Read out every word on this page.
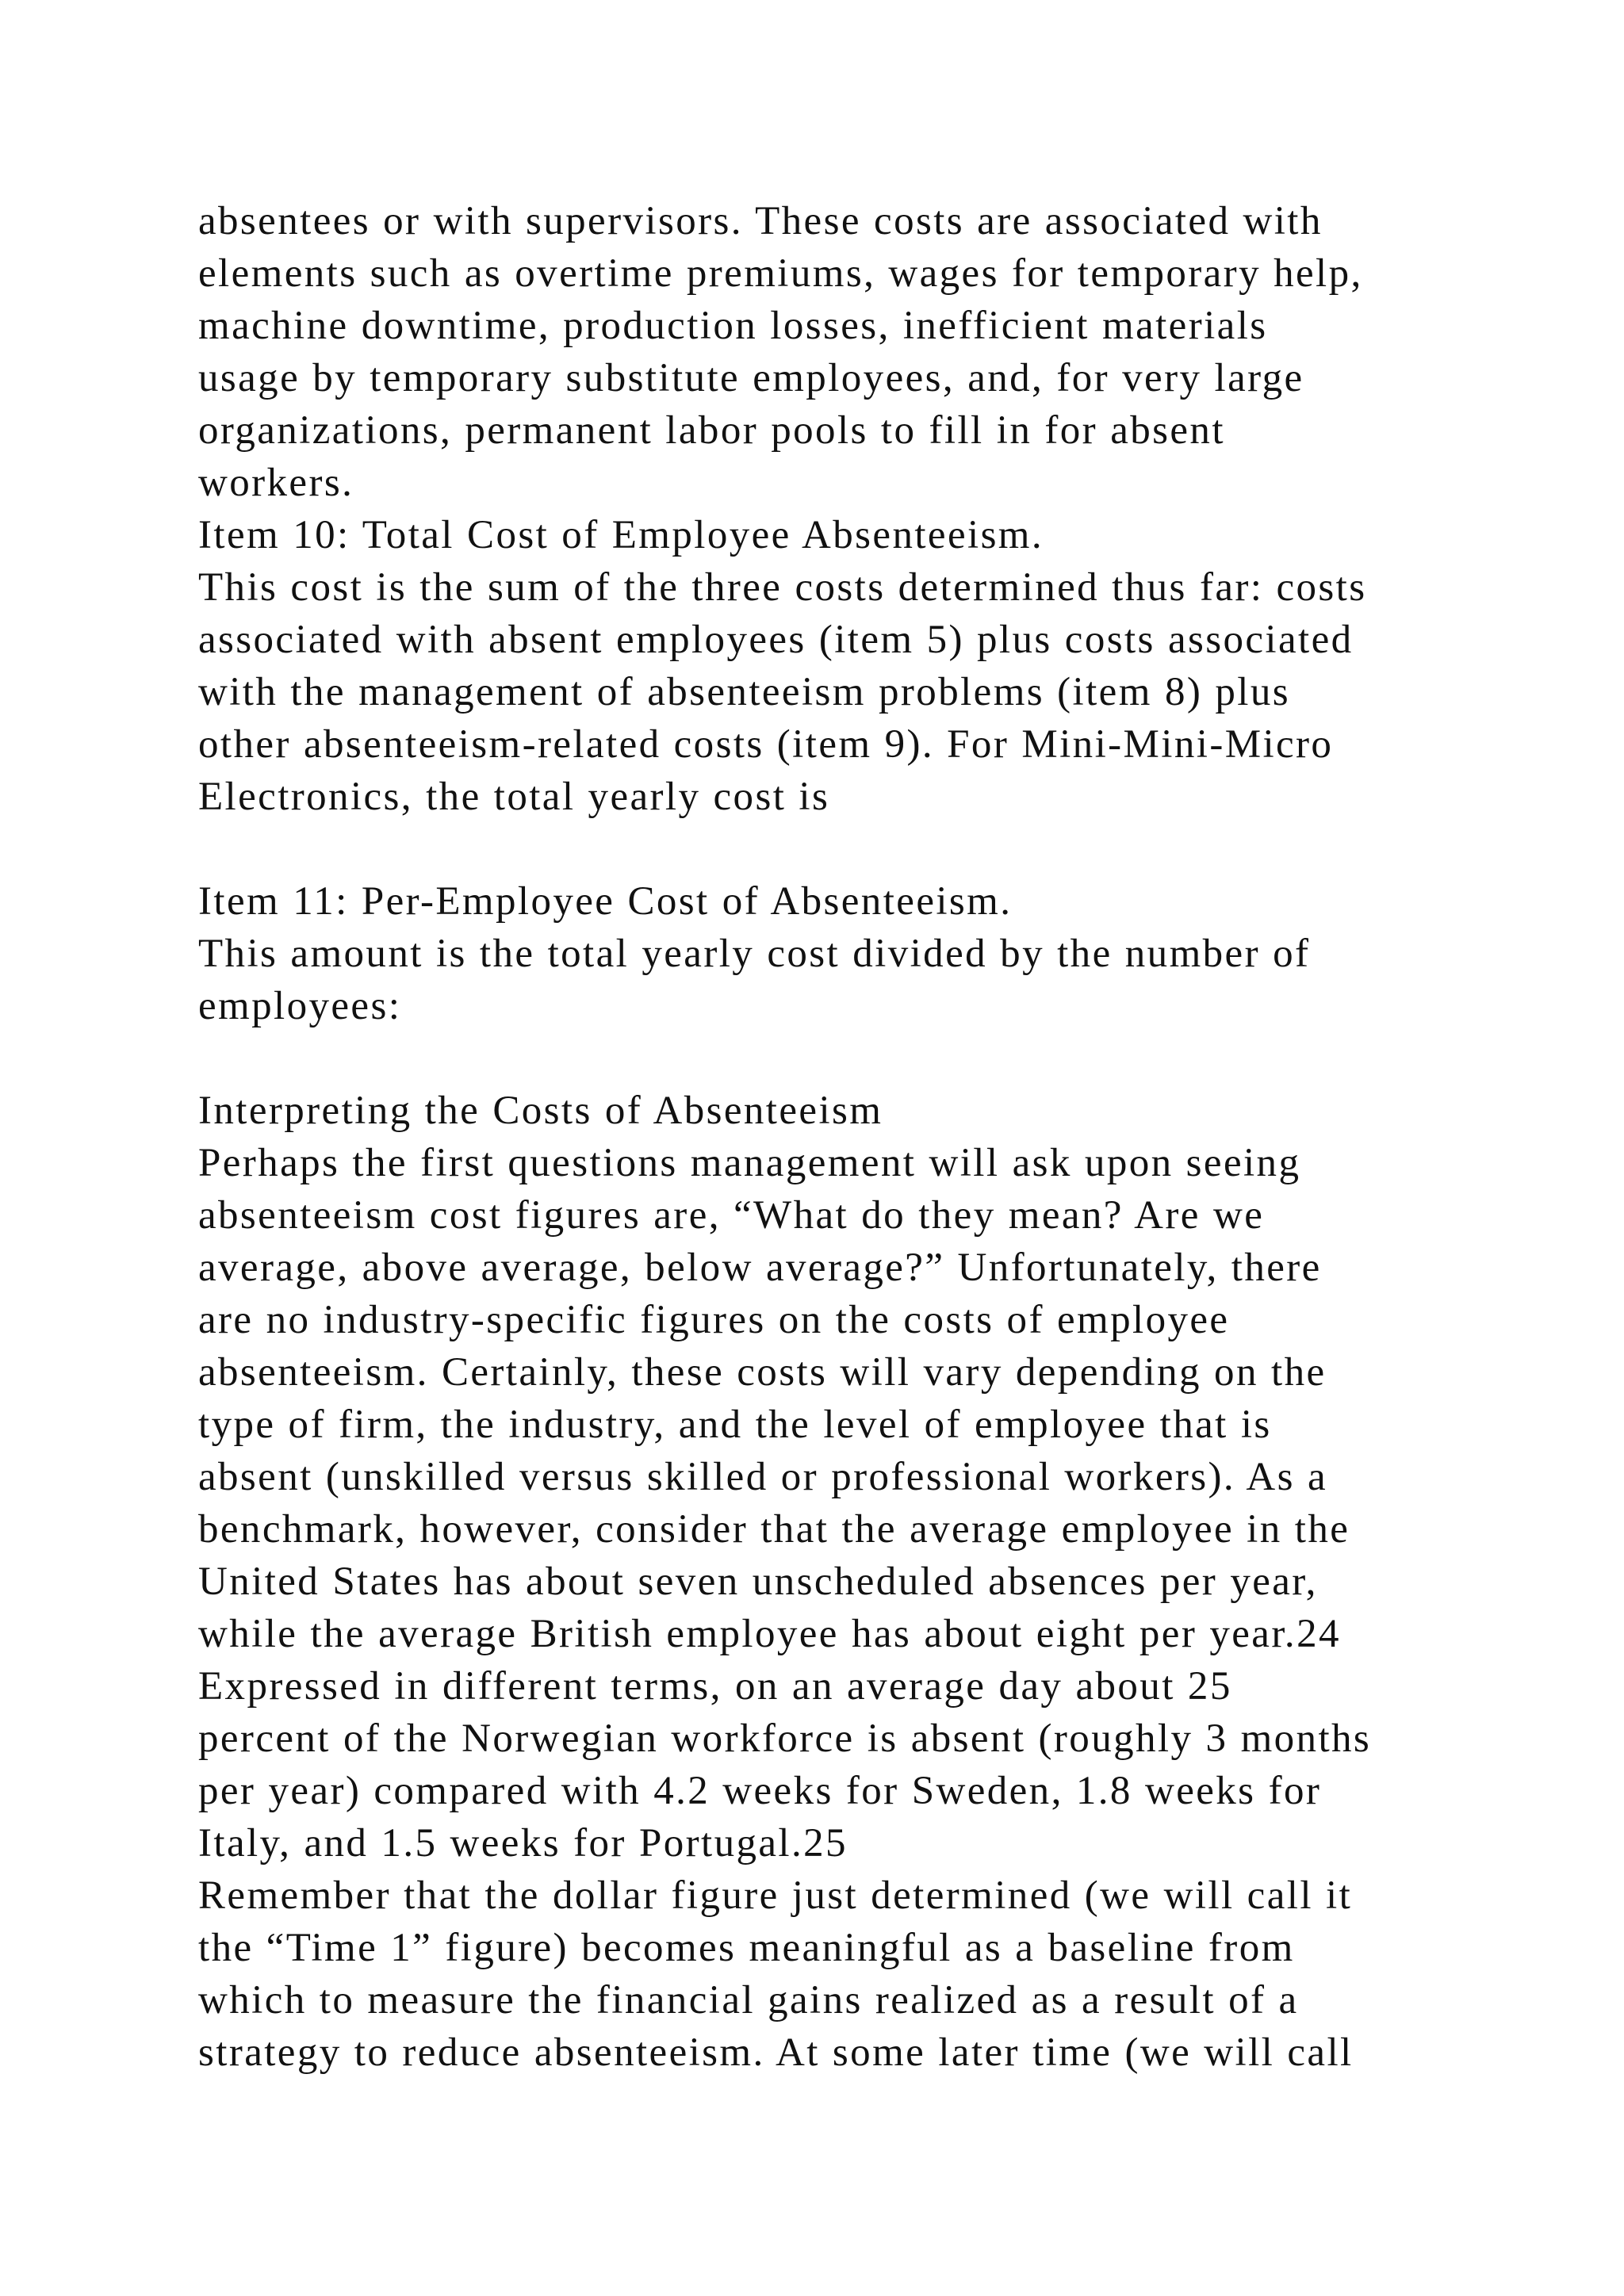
absentees or with supervisors. These costs are associated with
elements such as overtime premiums, wages for temporary help,
machine downtime, production losses, inefficient materials
usage by temporary substitute employees, and, for very large
organizations, permanent labor pools to fill in for absent
workers.
Item 10: Total Cost of Employee Absenteeism.
This cost is the sum of the three costs determined thus far: costs
associated with absent employees (item 5) plus costs associated
with the management of absenteeism problems (item 8) plus
other absenteeism-related costs (item 9). For Mini-Mini-Micro
Electronics, the total yearly cost is
Item 11: Per-Employee Cost of Absenteeism.
This amount is the total yearly cost divided by the number of
employees:
Interpreting the Costs of Absenteeism
Perhaps the first questions management will ask upon seeing
absenteeism cost figures are, “What do they mean? Are we
average, above average, below average?” Unfortunately, there
are no industry-specific figures on the costs of employee
absenteeism. Certainly, these costs will vary depending on the
type of firm, the industry, and the level of employee that is
absent (unskilled versus skilled or professional workers). As a
benchmark, however, consider that the average employee in the
United States has about seven unscheduled absences per year,
while the average British employee has about eight per year.24
Expressed in different terms, on an average day about 25
percent of the Norwegian workforce is absent (roughly 3 months
per year) compared with 4.2 weeks for Sweden, 1.8 weeks for
Italy, and 1.5 weeks for Portugal.25
Remember that the dollar figure just determined (we will call it
the “Time 1” figure) becomes meaningful as a baseline from
which to measure the financial gains realized as a result of a
strategy to reduce absenteeism. At some later time (we will call
